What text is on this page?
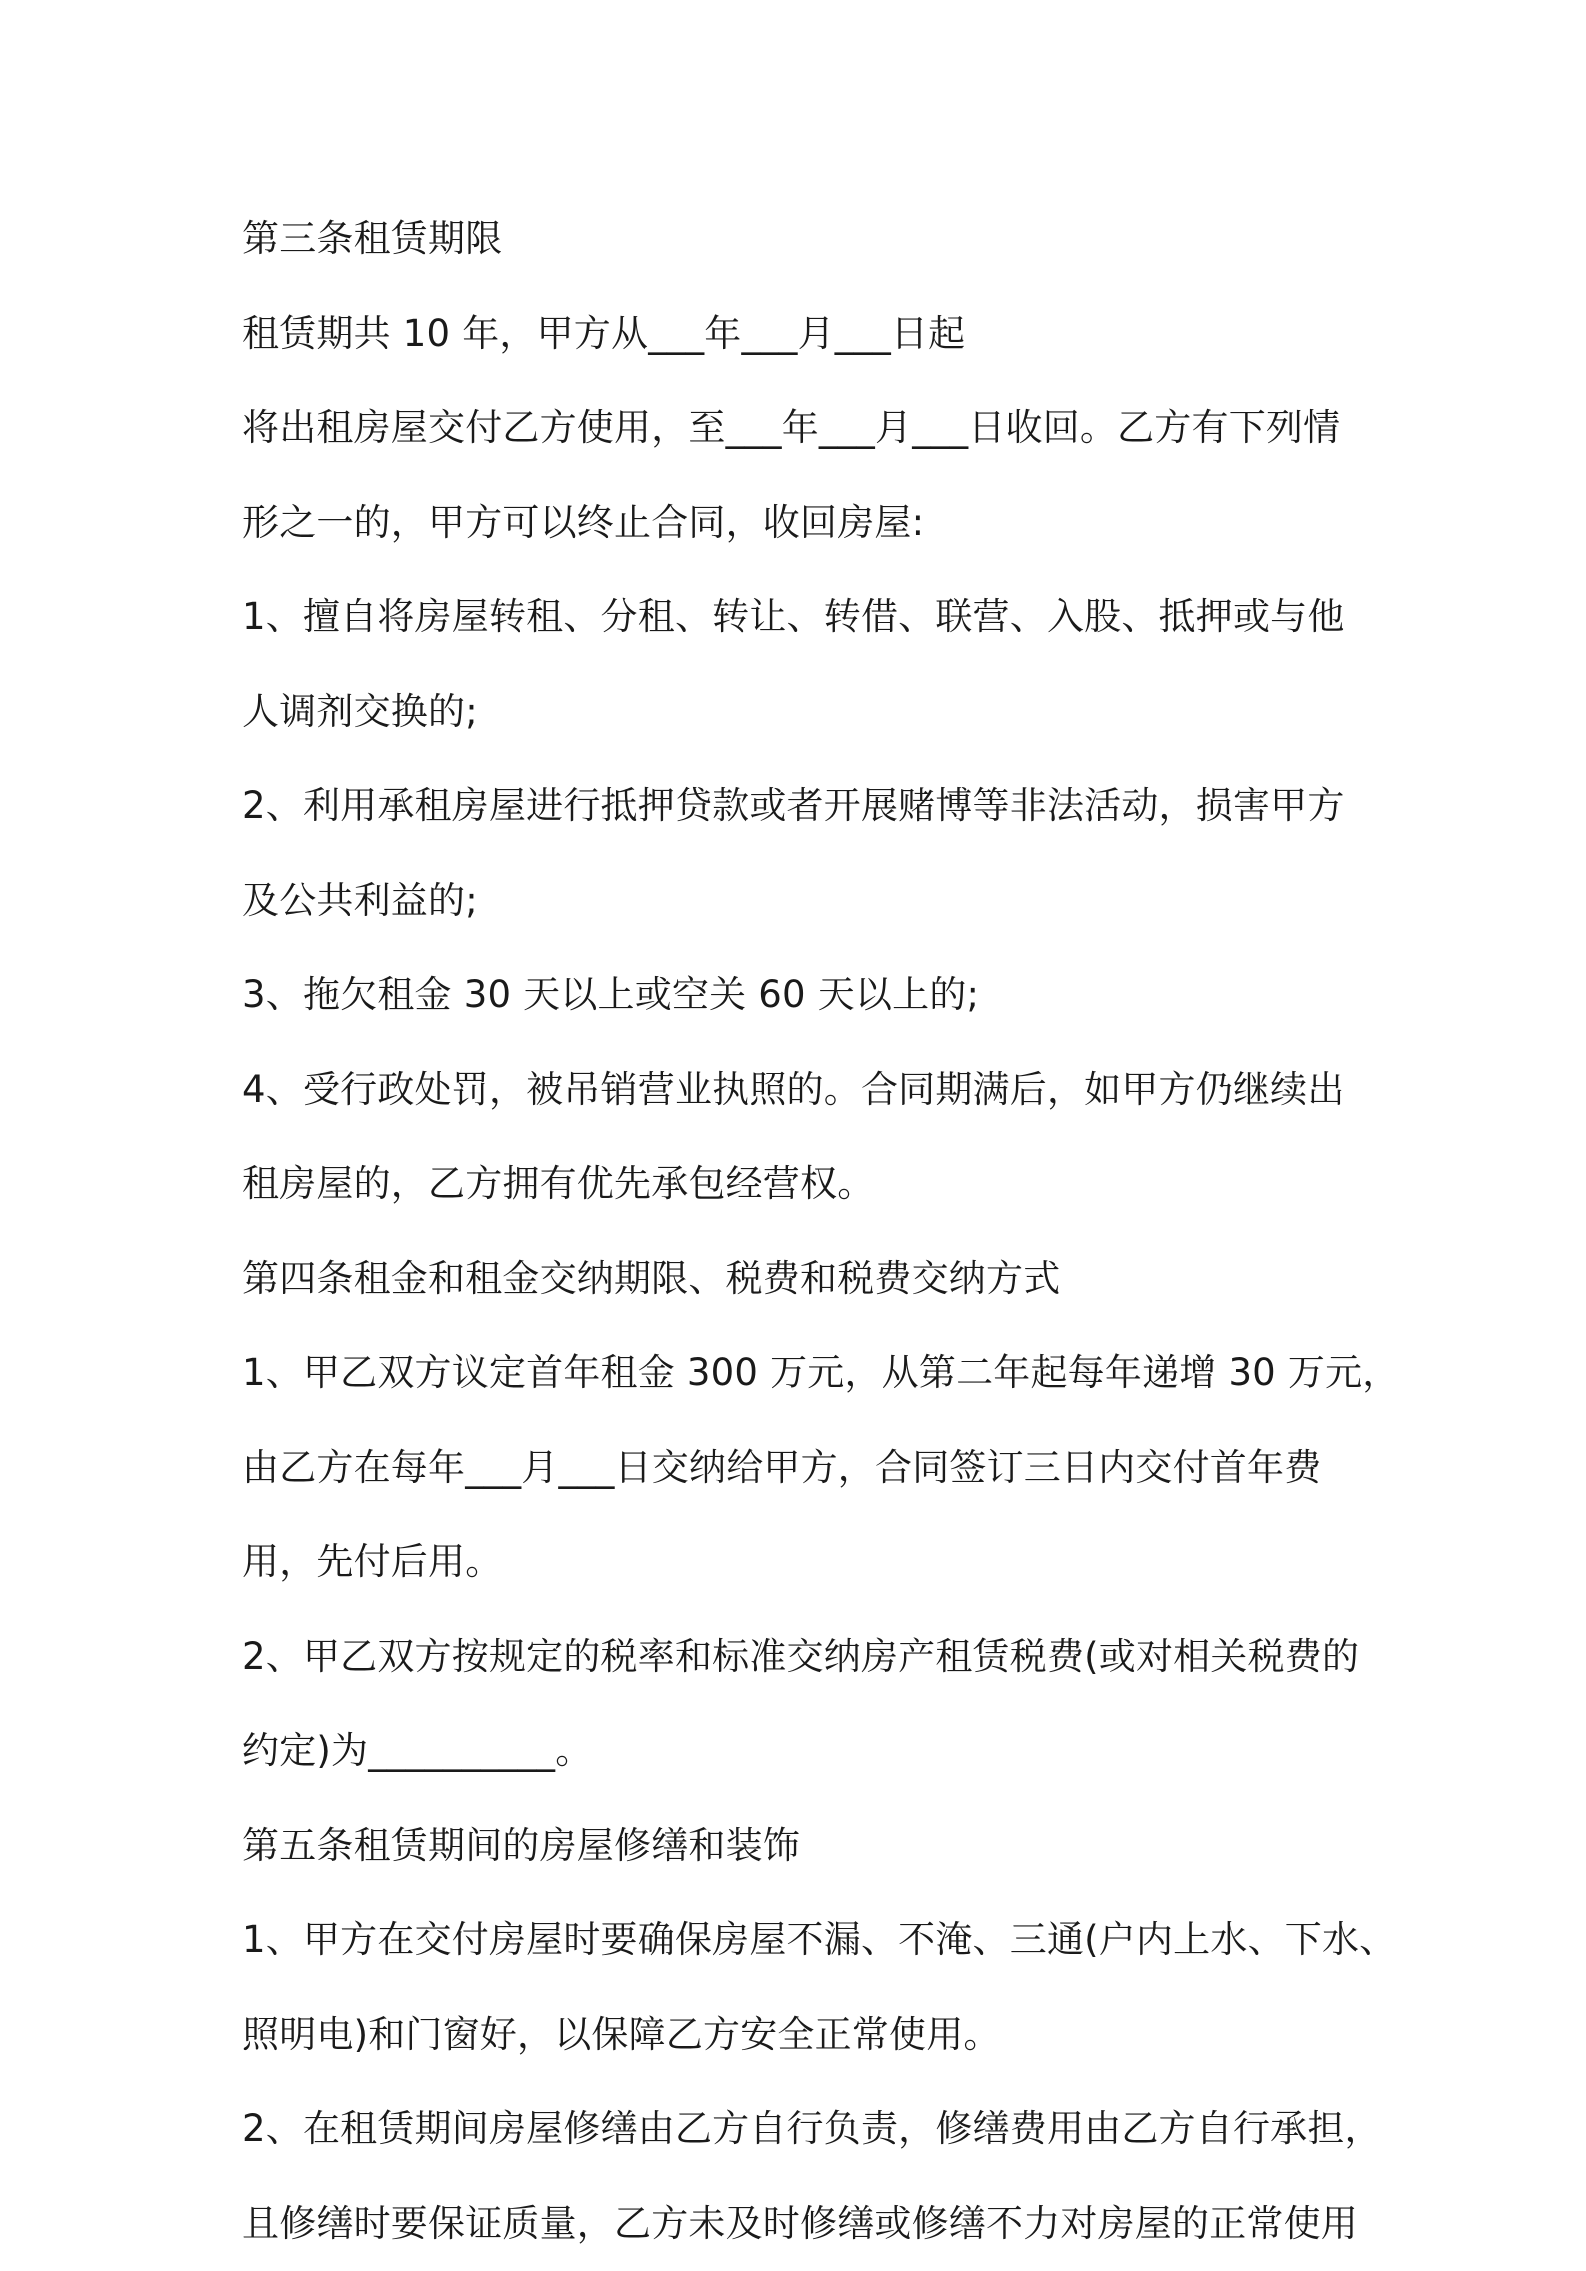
第三条租赁期限
租赁期共 10 年，甲方从___年___月___日起
将出租房屋交付乙方使用，至___年___月___日收回。乙方有下列情
形之一的，甲方可以终止合同，收回房屋:
1、擅自将房屋转租、分租、转让、转借、联营、入股、抵押或与他
人调剂交换的;
2、利用承租房屋进行抵押贷款或者开展赌博等非法活动，损害甲方
及公共利益的;
3、拖欠租金 30 天以上或空关 60 天以上的;
4、受行政处罚，被吊销营业执照的。合同期满后，如甲方仍继续出
租房屋的，乙方拥有优先承包经营权。
第四条租金和租金交纳期限、税费和税费交纳方式
1、甲乙双方议定首年租金 300 万元，从第二年起每年递增 30 万元，
由乙方在每年___月___日交纳给甲方，合同签订三日内交付首年费
用，先付后用。
2、甲乙双方按规定的税率和标准交纳房产租赁税费(或对相关税费的
约定)为__________。
第五条租赁期间的房屋修缮和装饰
1、甲方在交付房屋时要确保房屋不漏、不淹、三通(户内上水、下水、
照明电)和门窗好，以保障乙方安全正常使用。
2、在租赁期间房屋修缮由乙方自行负责，修缮费用由乙方自行承担，
且修缮时要保证质量，乙方未及时修缮或修缮不力对房屋的正常使用
